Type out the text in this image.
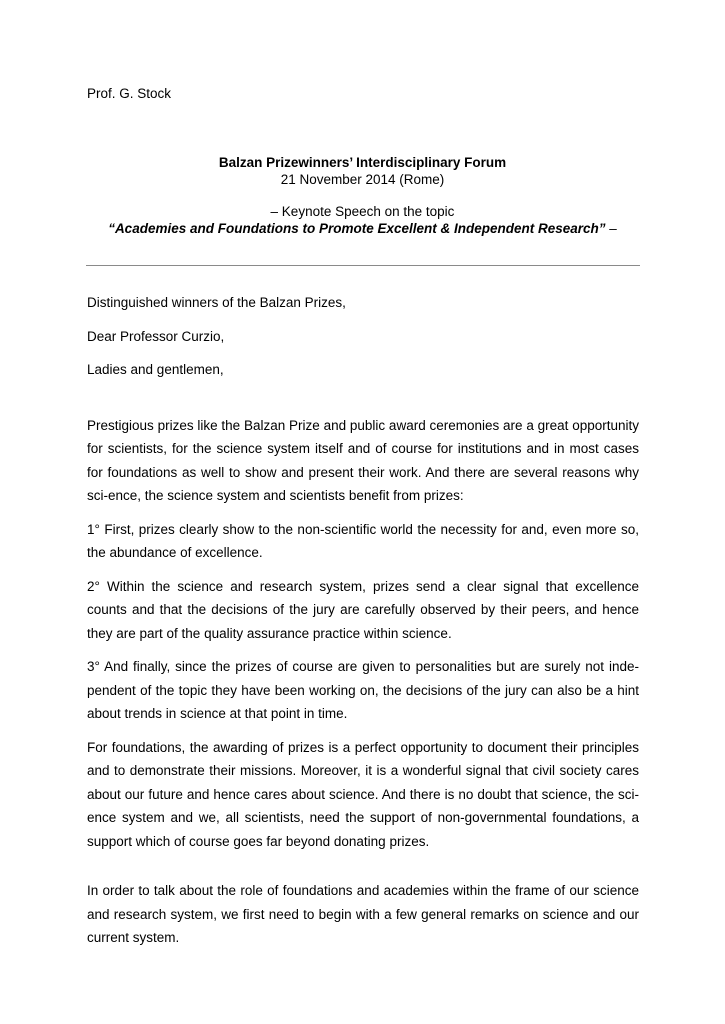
Prof. G. Stock

Balzan Prizewinners’ Interdisciplinary Forum

21 November 2014 (Rome)

– Keynote Speech on the topic

“Academies and Foundations to Promote Excellent & Independent Research” –

Distinguished winners of the Balzan Prizes,

Dear Professor Curzio,

Ladies and gentlemen,

Prestigious prizes like the Balzan Prize and public award ceremonies are a great opportunity for scientists, for the science system itself and of course for institutions and in most cases for foundations as well to show and present their work. And there are several reasons why sci-ence, the science system and scientists benefit from prizes:

1° First, prizes clearly show to the non-scientific world the necessity for and, even more so, the abundance of excellence.

2° Within the science and research system, prizes send a clear signal that excellence counts and that the decisions of the jury are carefully observed by their peers, and hence they are part of the quality assurance practice within science.

3° And finally, since the prizes of course are given to personalities but are surely not inde-pendent of the topic they have been working on, the decisions of the jury can also be a hint about trends in science at that point in time.

For foundations, the awarding of prizes is a perfect opportunity to document their principles and to demonstrate their missions. Moreover, it is a wonderful signal that civil society cares about our future and hence cares about science. And there is no doubt that science, the sci-ence system and we, all scientists, need the support of non-governmental foundations, a support which of course goes far beyond donating prizes.

In order to talk about the role of foundations and academies within the frame of our science and research system, we first need to begin with a few general remarks on science and our current system.
